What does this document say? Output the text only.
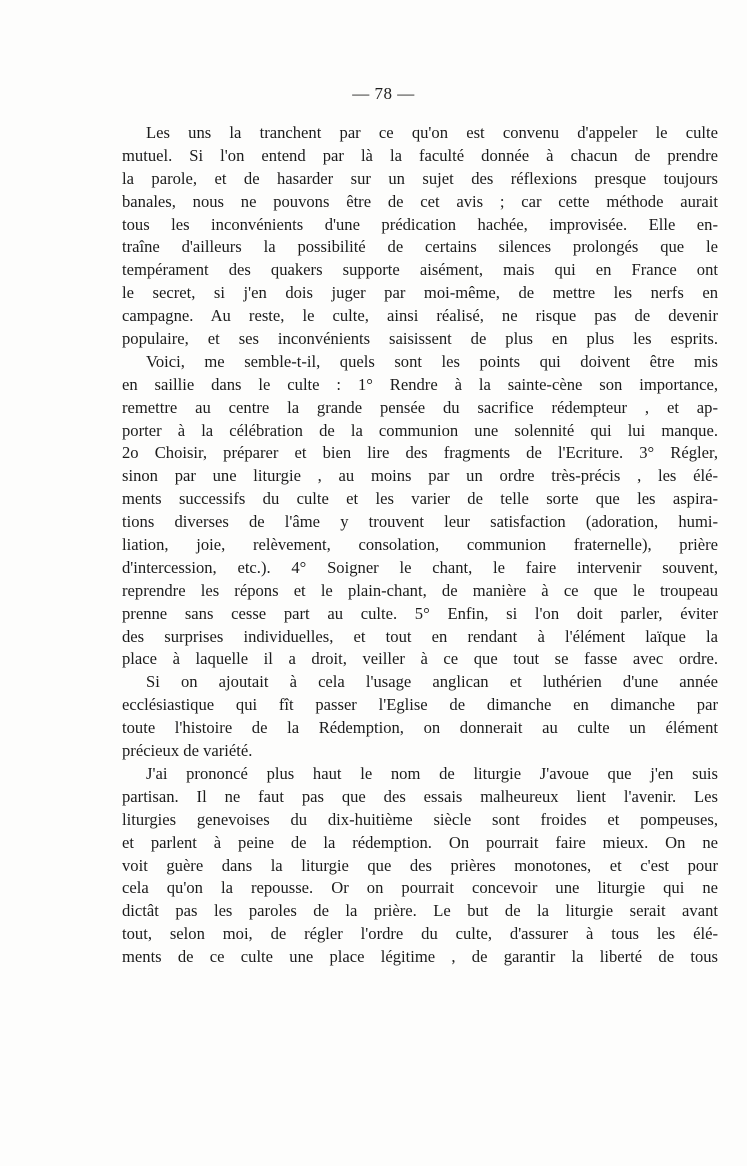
— 78 —
Les uns la tranchent par ce qu'on est convenu d'appeler le culte
mutuel. Si l'on entend par là la faculté donnée à chacun de prendre
la parole, et de hasarder sur un sujet des réflexions presque toujours
banales, nous ne pouvons être de cet avis ; car cette méthode aurait
tous les inconvénients d'une prédication hachée, improvisée. Elle en-
traîne d'ailleurs la possibilité de certains silences prolongés que le
tempérament des quakers supporte aisément, mais qui en France ont
le secret, si j'en dois juger par moi-même, de mettre les nerfs en
campagne. Au reste, le culte, ainsi réalisé, ne risque pas de devenir
populaire, et ses inconvénients saisissent de plus en plus les esprits.
Voici, me semble-t-il, quels sont les points qui doivent être mis
en saillie dans le culte : 1° Rendre à la sainte-cène son importance,
remettre au centre la grande pensée du sacrifice rédempteur , et ap-
porter à la célébration de la communion une solennité qui lui manque.
2o Choisir, préparer et bien lire des fragments de l'Ecriture. 3° Régler,
sinon par une liturgie , au moins par un ordre très-précis , les élé-
ments successifs du culte et les varier de telle sorte que les aspira-
tions diverses de l'âme y trouvent leur satisfaction (adoration, humi-
liation, joie, relèvement, consolation, communion fraternelle), prière
d'intercession, etc.). 4° Soigner le chant, le faire intervenir souvent,
reprendre les répons et le plain-chant, de manière à ce que le troupeau
prenne sans cesse part au culte. 5° Enfin, si l'on doit parler, éviter
des surprises individuelles, et tout en rendant à l'élément laïque la
place à laquelle il a droit, veiller à ce que tout se fasse avec ordre.
Si on ajoutait à cela l'usage anglican et luthérien d'une année
ecclésiastique qui fît passer l'Eglise de dimanche en dimanche par
toute l'histoire de la Rédemption, on donnerait au culte un élément
précieux de variété.
J'ai prononcé plus haut le nom de liturgie J'avoue que j'en suis
partisan. Il ne faut pas que des essais malheureux lient l'avenir. Les
liturgies genevoises du dix-huitième siècle sont froides et pompeuses,
et parlent à peine de la rédemption. On pourrait faire mieux. On ne
voit guère dans la liturgie que des prières monotones, et c'est pour
cela qu'on la repousse. Or on pourrait concevoir une liturgie qui ne
dictât pas les paroles de la prière. Le but de la liturgie serait avant
tout, selon moi, de régler l'ordre du culte, d'assurer à tous les élé-
ments de ce culte une place légitime , de garantir la liberté de tous
